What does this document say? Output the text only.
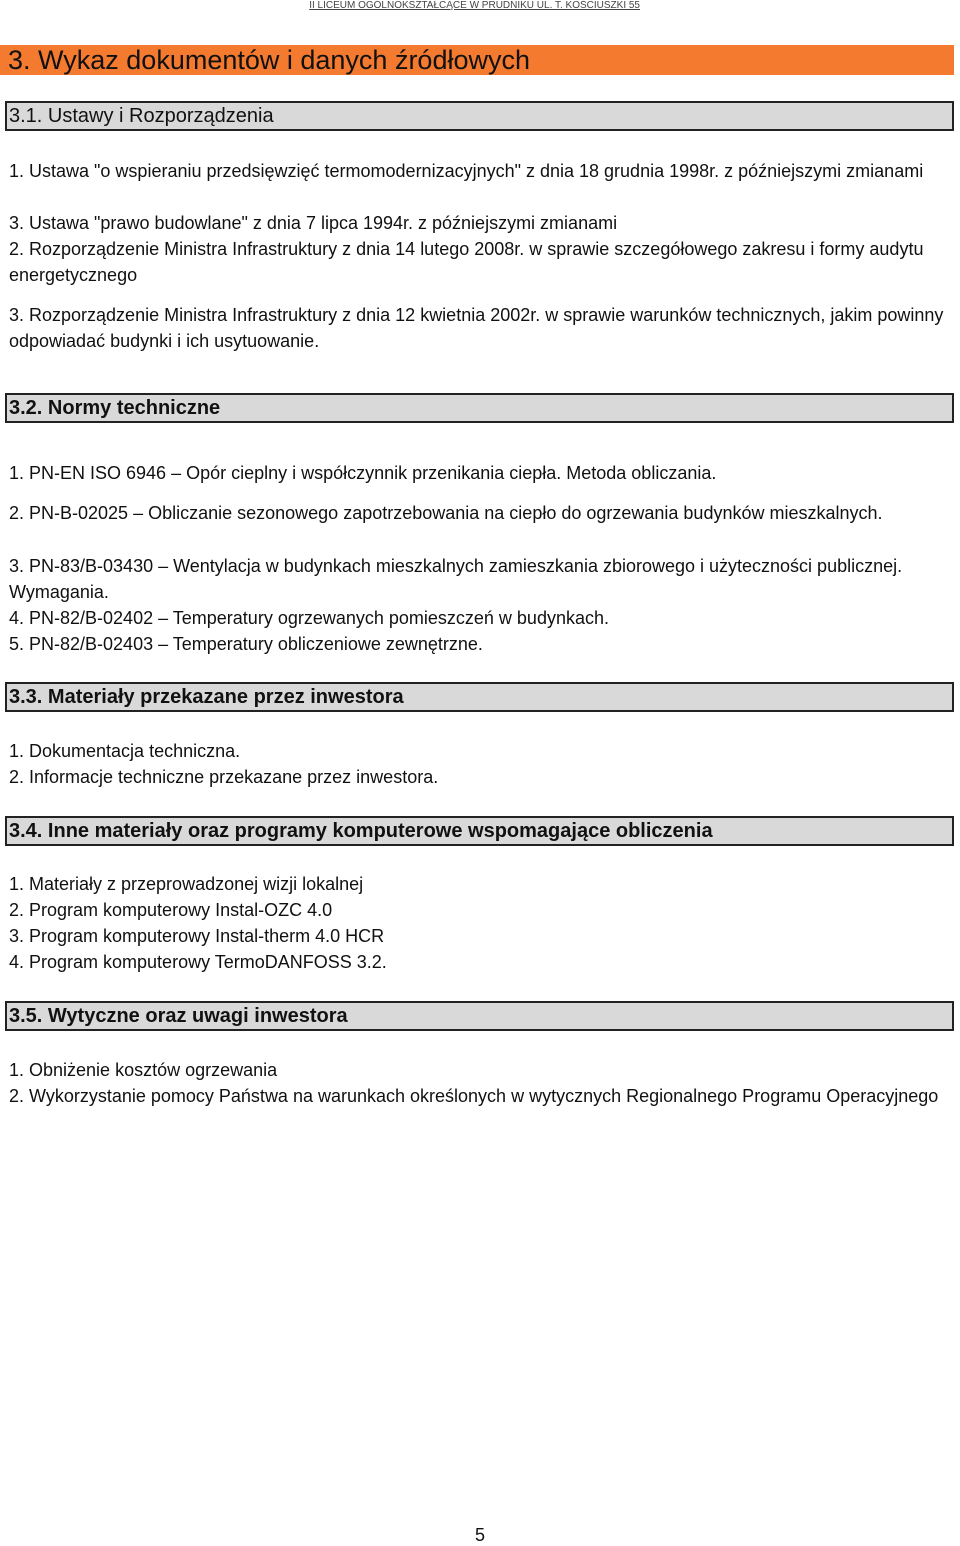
II LICEUM OGÓLNOKSZTAŁCĄCE W PRUDNIKU UL. T. KOŚCIUSZKI 55
3. Wykaz dokumentów i danych źródłowych
3.1. Ustawy i Rozporządzenia

1. Ustawa "o wspieraniu przedsięwzięć termomodernizacyjnych" z dnia 18 grudnia 1998r. z późniejszymi zmianami

3. Ustawa "prawo budowlane" z dnia 7 lipca 1994r. z późniejszymi zmianami

2. Rozporządzenie Ministra Infrastruktury z dnia 14 lutego 2008r. w sprawie szczegółowego zakresu i formy audytu energetycznego

3. Rozporządzenie Ministra Infrastruktury z dnia 12 kwietnia 2002r. w sprawie warunków technicznych, jakim powinny odpowiadać budynki i ich usytuowanie.

3.2. Normy techniczne

1. PN-EN ISO 6946 – Opór cieplny i współczynnik przenikania ciepła. Metoda obliczania.

2. PN-B-02025 – Obliczanie sezonowego zapotrzebowania na ciepło do ogrzewania budynków mieszkalnych.

3. PN-83/B-03430 – Wentylacja w budynkach mieszkalnych zamieszkania zbiorowego i użyteczności publicznej. Wymagania.

4. PN-82/B-02402 – Temperatury ogrzewanych pomieszczeń w budynkach.

5. PN-82/B-02403 – Temperatury obliczeniowe zewnętrzne.

3.3. Materiały przekazane przez inwestora

1. Dokumentacja techniczna.

2. Informacje techniczne przekazane przez inwestora.

3.4. Inne materiały oraz programy komputerowe wspomagające obliczenia

1. Materiały z przeprowadzonej wizji lokalnej

2. Program komputerowy Instal-OZC 4.0

3. Program komputerowy Instal-therm 4.0 HCR

4. Program komputerowy TermoDANFOSS 3.2.

3.5. Wytyczne oraz uwagi inwestora

1. Obniżenie kosztów ogrzewania

2. Wykorzystanie pomocy Państwa na warunkach określonych w wytycznych Regionalnego Programu Operacyjnego

5
